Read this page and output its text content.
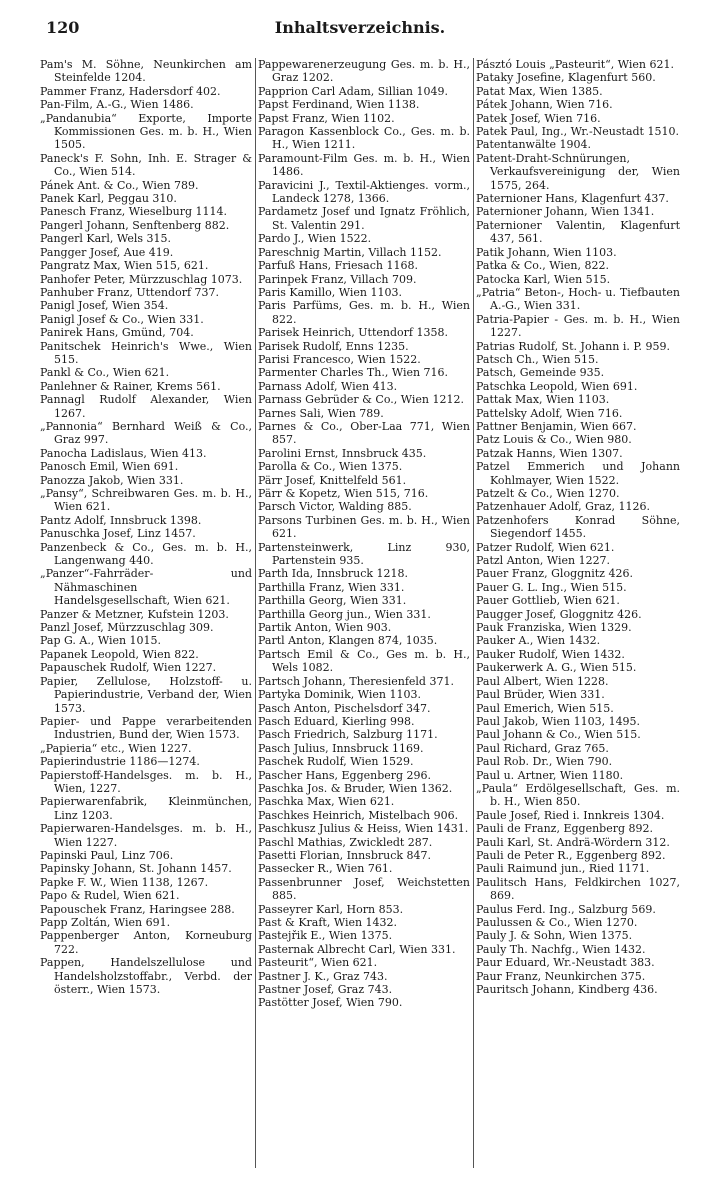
120	Inhaltsverzeichnis.
Pam's M. Söhne, Neunkirchen am Steinfelde 1204.
Pammer Franz, Hadersdorf 402.
Pan-Film, A.-G., Wien 1486.
„Pandanubia“ Exporte, Importe Kommissionen Ges. m. b. H., Wien 1505.
Paneck's F. Sohn, Inh. E. Strager & Co., Wien 514.
Pánek Ant. & Co., Wien 789.
Panek Karl, Peggau 310.
Panesch Franz, Wieselburg 1114.
Pangerl Johann, Senftenberg 882.
Pangerl Karl, Wels 315.
Pangger Josef, Aue 419.
Pangratz Max, Wien 515, 621.
Panhofer Peter, Mürzzuschlag 1073.
Panhuber Franz, Uttendorf 737.
Panigl Josef, Wien 354.
Panigl Josef & Co., Wien 331.
Panirek Hans, Gmünd, 704.
Panitschek Heinrich's Wwe., Wien 515.
Pankl & Co., Wien 621.
Panlehner & Rainer, Krems 561.
Pannagl Rudolf Alexander, Wien 1267.
„Pannonia“ Bernhard Weiß & Co., Graz 997.
Panocha Ladislaus, Wien 413.
Panosch Emil, Wien 691.
Panozza Jakob, Wien 331.
„Pansy“, Schreibwaren Ges. m. b. H., Wien 621.
Pantz Adolf, Innsbruck 1398.
Panuschka Josef, Linz 1457.
Panzenbeck & Co., Ges. m. b. H., Langenwang 440.
„Panzer“-Fahrräder- und Nähmaschinen Handelsgesellschaft, Wien 621.
Panzer & Metzner, Kufstein 1203.
Panzl Josef, Mürzzuschlag 309.
Pap G. A., Wien 1015.
Papanek Leopold, Wien 822.
Papauschek Rudolf, Wien 1227.
Papier, Zellulose, Holzstoff- u. Papierindustrie, Verband der, Wien 1573.
Papier- und Pappe verarbeitenden Industrien, Bund der, Wien 1573.
„Papieria“ etc., Wien 1227.
Papierindustrie 1186—1274.
Papierstoff-Handelsges. m. b. H., Wien, 1227.
Papierwarenfabrik, Kleinmünchen, Linz 1203.
Papierwaren-Handelsges. m. b. H., Wien 1227.
Papinski Paul, Linz 706.
Papinsky Johann, St. Johann 1457.
Papke F. W., Wien 1138, 1267.
Papo & Rudel, Wien 621.
Papouschek Franz, Haringsee 288.
Papp Zoltán, Wien 691.
Pappenberger Anton, Korneuburg 722.
Pappen, Handelszellulose und Handelsholzstoffabr., Verbd. der österr., Wien 1573.
Pappewarenerzeugung Ges. m. b. H., Graz 1202.
Papprion Carl Adam, Sillian 1049.
Papst Ferdinand, Wien 1138.
Papst Franz, Wien 1102.
Paragon Kassenblock Co., Ges. m. b. H., Wien 1211.
Paramount-Film Ges. m. b. H., Wien 1486.
Paravicini J., Textil-Aktienges. vorm., Landeck 1278, 1366.
Pardametz Josef und Ignatz Fröhlich, St. Valentin 291.
Pardo J., Wien 1522.
Pareschnig Martin, Villach 1152.
Parfuß Hans, Friesach 1168.
Parinpek Franz, Villach 709.
Paris Kamillo, Wien 1103.
Paris Parfüms, Ges. m. b. H., Wien 822.
Parisek Heinrich, Uttendorf 1358.
Parisek Rudolf, Enns 1235.
Parisi Francesco, Wien 1522.
Parmenter Charles Th., Wien 716.
Parnass Adolf, Wien 413.
Parnass Gebrüder & Co., Wien 1212.
Parnes Sali, Wien 789.
Parnes & Co., Ober-Laa 771, Wien 857.
Parolini Ernst, Innsbruck 435.
Parolla & Co., Wien 1375.
Pärr Josef, Knittelfeld 561.
Pärr & Kopetz, Wien 515, 716.
Parsch Victor, Walding 885.
Parsons Turbinen Ges. m. b. H., Wien 621.
Partensteinwerk, Linz 930, Partenstein 935.
Parth Ida, Innsbruck 1218.
Parthilla Franz, Wien 331.
Parthilla Georg, Wien 331.
Parthilla Georg jun., Wien 331.
Partik Anton, Wien 903.
Partl Anton, Klangen 874, 1035.
Partsch Emil & Co., Ges m. b. H., Wels 1082.
Partsch Johann, Theresienfeld 371.
Partyka Dominik, Wien 1103.
Pasch Anton, Pischelsdorf 347.
Pasch Eduard, Kierling 998.
Pasch Friedrich, Salzburg 1171.
Pasch Julius, Innsbruck 1169.
Paschek Rudolf, Wien 1529.
Pascher Hans, Eggenberg 296.
Paschka Jos. & Bruder, Wien 1362.
Paschka Max, Wien 621.
Paschkes Heinrich, Mistelbach 906.
Paschkusz Julius & Heiss, Wien 1431.
Paschl Mathias, Zwickledt 287.
Pasetti Florian, Innsbruck 847.
Passecker R., Wien 761.
Passenbrunner Josef, Weichstetten 885.
Passeyrer Karl, Horn 853.
Past & Kraft, Wien 1432.
Pastejřik E., Wien 1375.
Pasternak Albrecht Carl, Wien 331.
Pasteurit“, Wien 621.
Pastner J. K., Graz 743.
Pastner Josef, Graz 743.
Pastötter Josef, Wien 790.
Pásztó Louis „Pasteurit“, Wien 621.
Pataky Josefine, Klagenfurt 560.
Patat Max, Wien 1385.
Pátek Johann, Wien 716.
Patek Josef, Wien 716.
Patek Paul, Ing., Wr.-Neustadt 1510.
Patentanwälte 1904.
Patent-Draht-Schnürungen, Verkaufsvereinigung der, Wien 1575, 264.
Paternioner Hans, Klagenfurt 437.
Paternioner Johann, Wien 1341.
Paternioner Valentin, Klagenfurt 437, 561.
Patik Johann, Wien 1103.
Patka & Co., Wien, 822.
Patocka Karl, Wien 515.
„Patria“ Beton-, Hoch- u. Tiefbauten A.-G., Wien 331.
Patria-Papier - Ges. m. b. H., Wien 1227.
Patrias Rudolf, St. Johann i. P. 959.
Patsch Ch., Wien 515.
Patsch, Gemeinde 935.
Patschka Leopold, Wien 691.
Pattak Max, Wien 1103.
Pattelsky Adolf, Wien 716.
Pattner Benjamin, Wien 667.
Patz Louis & Co., Wien 980.
Patzak Hanns, Wien 1307.
Patzel Emmerich und Johann Kohlmayer, Wien 1522.
Patzelt & Co., Wien 1270.
Patzenhauer Adolf, Graz, 1126.
Patzenhofers Konrad Söhne, Siegendorf 1455.
Patzer Rudolf, Wien 621.
Patzl Anton, Wien 1227.
Pauer Franz, Gloggnitz 426.
Pauer G. L. Ing., Wien 515.
Pauer Gottlieb, Wien 621.
Paugger Josef, Gloggnitz 426.
Pauk Franziska, Wien 1329.
Pauker A., Wien 1432.
Pauker Rudolf, Wien 1432.
Paukerwerk A. G., Wien 515.
Paul Albert, Wien 1228.
Paul Brüder, Wien 331.
Paul Emerich, Wien 515.
Paul Jakob, Wien 1103, 1495.
Paul Johann & Co., Wien 515.
Paul Richard, Graz 765.
Paul Rob. Dr., Wien 790.
Paul u. Artner, Wien 1180.
„Paula“ Erdölgesellschaft, Ges. m. b. H., Wien 850.
Paule Josef, Ried i. Innkreis 1304.
Pauli de Franz, Eggenberg 892.
Pauli Karl, St. Andrä-Wördern 312.
Pauli de Peter R., Eggenberg 892.
Pauli Raimund jun., Ried 1171.
Paulitsch Hans, Feldkirchen 1027, 869.
Paulus Ferd. Ing., Salzburg 569.
Paulussen & Co., Wien 1270.
Pauly J. & Sohn, Wien 1375.
Pauly Th. Nachfg., Wien 1432.
Paur Eduard, Wr.-Neustadt 383.
Paur Franz, Neunkirchen 375.
Pauritsch Johann, Kindberg 436.
